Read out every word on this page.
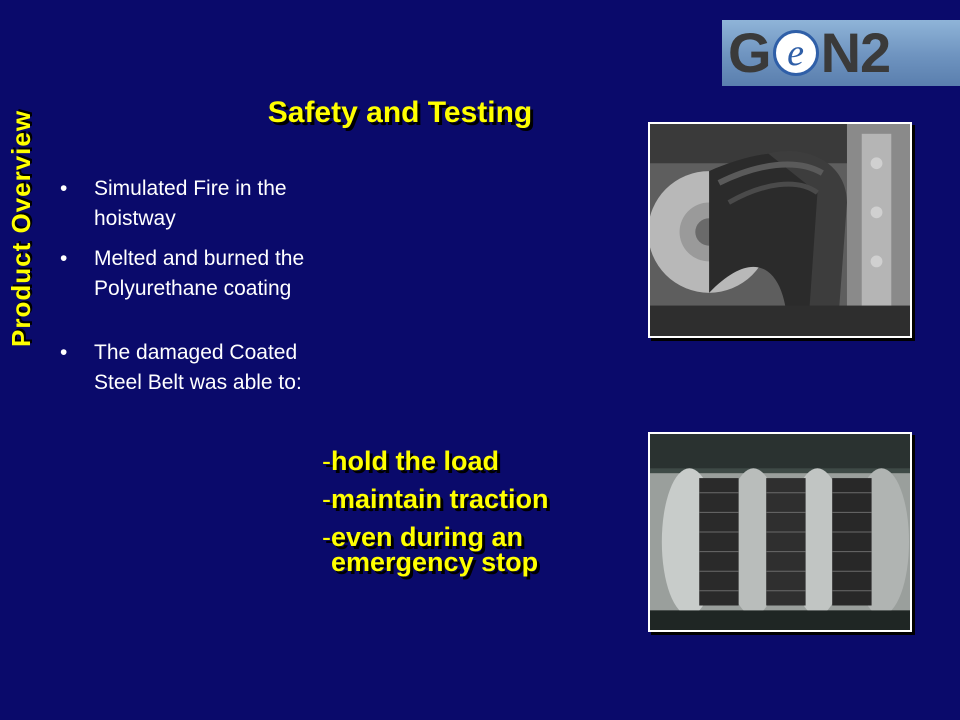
G e N2
Product Overview	Safety and Testing
• Simulated Fire in the hoistway
• Melted and burned the Polyurethane coating
• The damaged Coated Steel Belt was able to:
-hold the load
-maintain traction
-even during an
emergency stop
